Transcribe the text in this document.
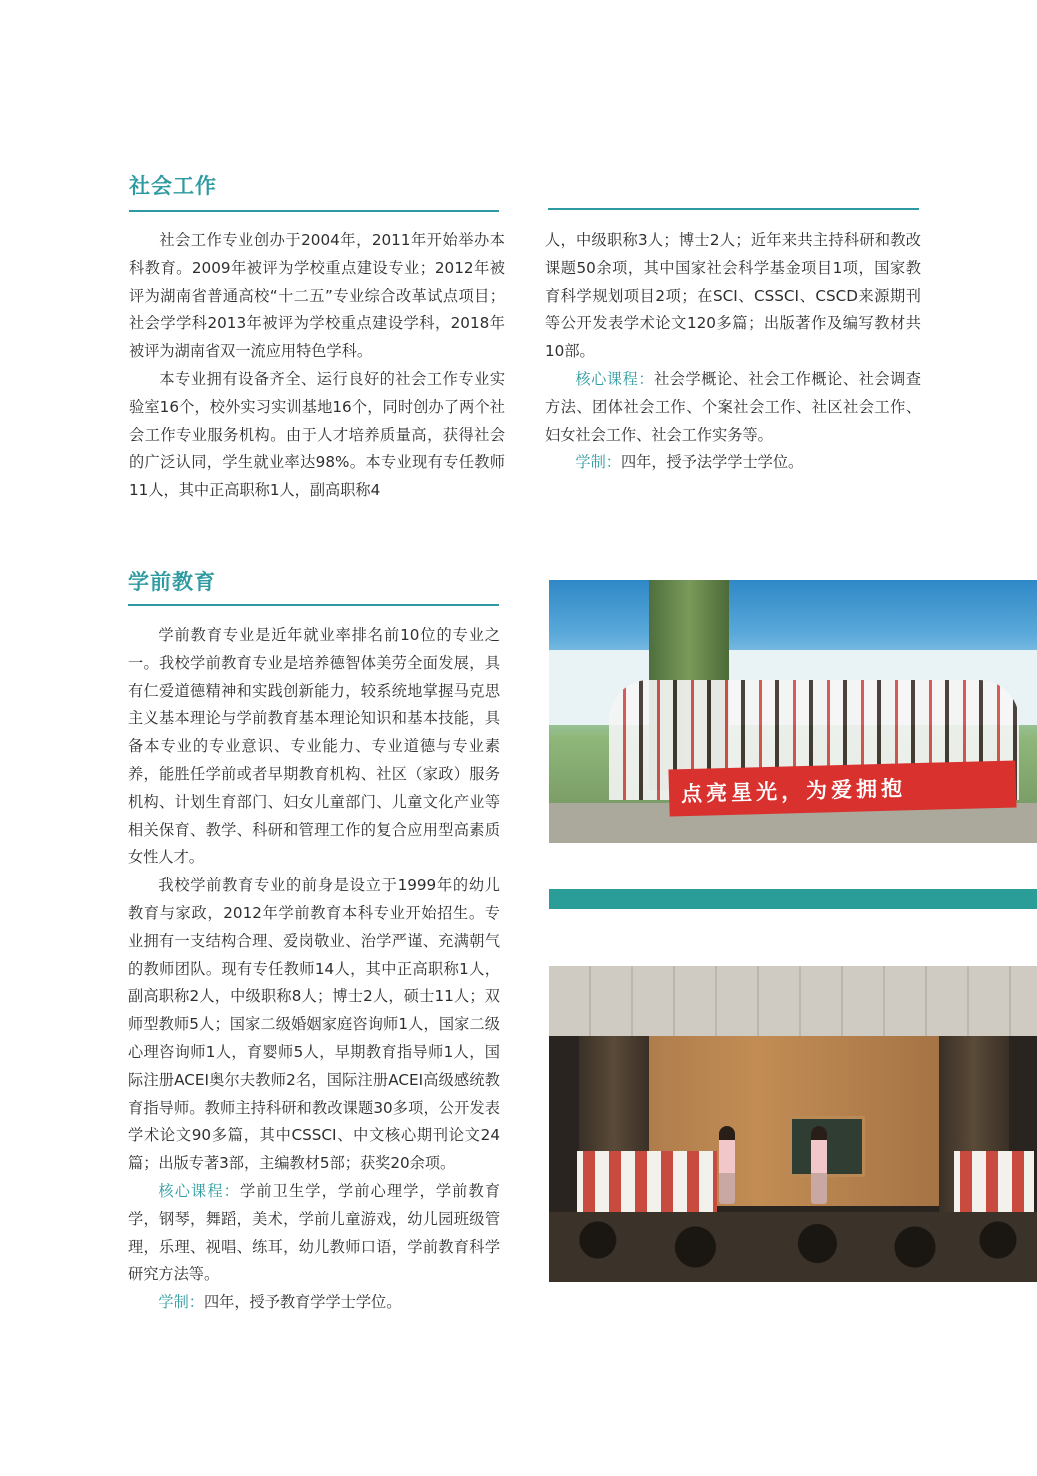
社会工作

社会工作专业创办于2004年，2011年开始举办本科教育。2009年被评为学校重点建设专业；2012年被评为湖南省普通高校“十二五”专业综合改革试点项目；社会学学科2013年被评为学校重点建设学科，2018年被评为湖南省双一流应用特色学科。

本专业拥有设备齐全、运行良好的社会工作专业实验室16个，校外实习实训基地16个，同时创办了两个社会工作专业服务机构。由于人才培养质量高，获得社会的广泛认同，学生就业率达98%。本专业现有专任教师11人，其中正高职称1人，副高职称4

人，中级职称3人；博士2人；近年来共主持科研和教改课题50余项，其中国家社会科学基金项目1项，国家教育科学规划项目2项；在SCI、CSSCI、CSCD来源期刊等公开发表学术论文120多篇；出版著作及编写教材共10部。

核心课程：社会学概论、社会工作概论、社会调查方法、团体社会工作、个案社会工作、社区社会工作、妇女社会工作、社会工作实务等。

学制：四年，授予法学学士学位。

学前教育

学前教育专业是近年就业率排名前10位的专业之一。我校学前教育专业是培养德智体美劳全面发展，具有仁爱道德精神和实践创新能力，较系统地掌握马克思主义基本理论与学前教育基本理论知识和基本技能，具备本专业的专业意识、专业能力、专业道德与专业素养，能胜任学前或者早期教育机构、社区（家政）服务机构、计划生育部门、妇女儿童部门、儿童文化产业等相关保育、教学、科研和管理工作的复合应用型高素质女性人才。

我校学前教育专业的前身是设立于1999年的幼儿教育与家政，2012年学前教育本科专业开始招生。专业拥有一支结构合理、爱岗敬业、治学严谨、充满朝气的教师团队。现有专任教师14人，其中正高职称1人，副高职称2人，中级职称8人；博士2人，硕士11人；双师型教师5人；国家二级婚姻家庭咨询师1人，国家二级心理咨询师1人，育婴师5人，早期教育指导师1人，国际注册ACEI奥尔夫教师2名，国际注册ACEI高级感统教育指导师。教师主持科研和教改课题30多项，公开发表学术论文90多篇，其中CSSCI、中文核心期刊论文24篇；出版专著3部，主编教材5部；获奖20余项。

核心课程：学前卫生学，学前心理学，学前教育学，钢琴，舞蹈，美术，学前儿童游戏，幼儿园班级管理，乐理、视唱、练耳，幼儿教师口语，学前教育科学研究方法等。

学制：四年，授予教育学学士学位。

点亮星光，为爱拥抱
